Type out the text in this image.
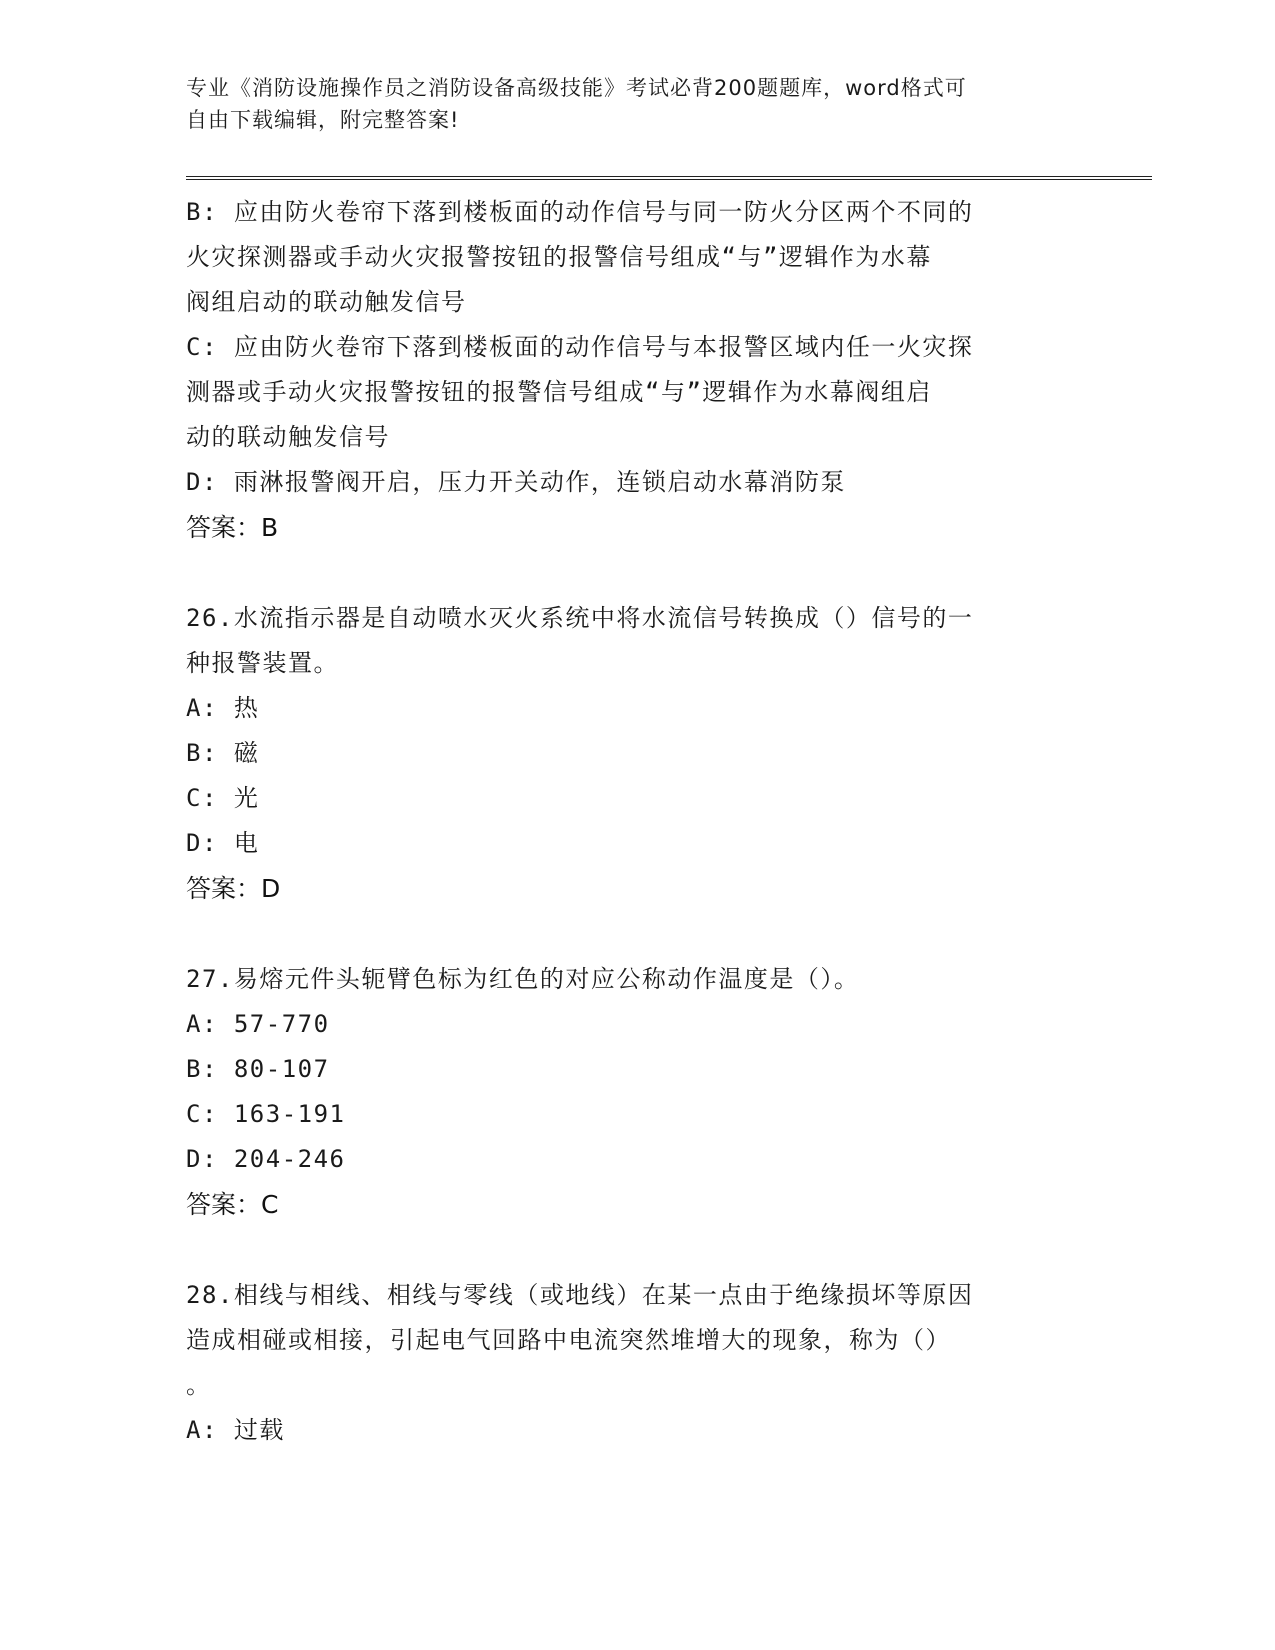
专业《消防设施操作员之消防设备高级技能》考试必背200题题库，word格式可
自由下载编辑，附完整答案!
B: 应由防火卷帘下落到楼板面的动作信号与同一防火分区两个不同的
火灾探测器或手动火灾报警按钮的报警信号组成“与”逻辑作为水幕
阀组启动的联动触发信号
C: 应由防火卷帘下落到楼板面的动作信号与本报警区域内任一火灾探
测器或手动火灾报警按钮的报警信号组成“与”逻辑作为水幕阀组启
动的联动触发信号
D: 雨淋报警阀开启，压力开关动作，连锁启动水幕消防泵
答案：B
26.水流指示器是自动喷水灭火系统中将水流信号转换成（）信号的一
种报警装置。
A: 热
B: 磁
C: 光
D: 电
答案：D
27.易熔元件头轭臂色标为红色的对应公称动作温度是（）。
A: 57-770
B: 80-107
C: 163-191
D: 204-246
答案：C
28.相线与相线、相线与零线（或地线）在某一点由于绝缘损坏等原因
造成相碰或相接，引起电气回路中电流突然堆增大的现象，称为（）
。
A: 过载
